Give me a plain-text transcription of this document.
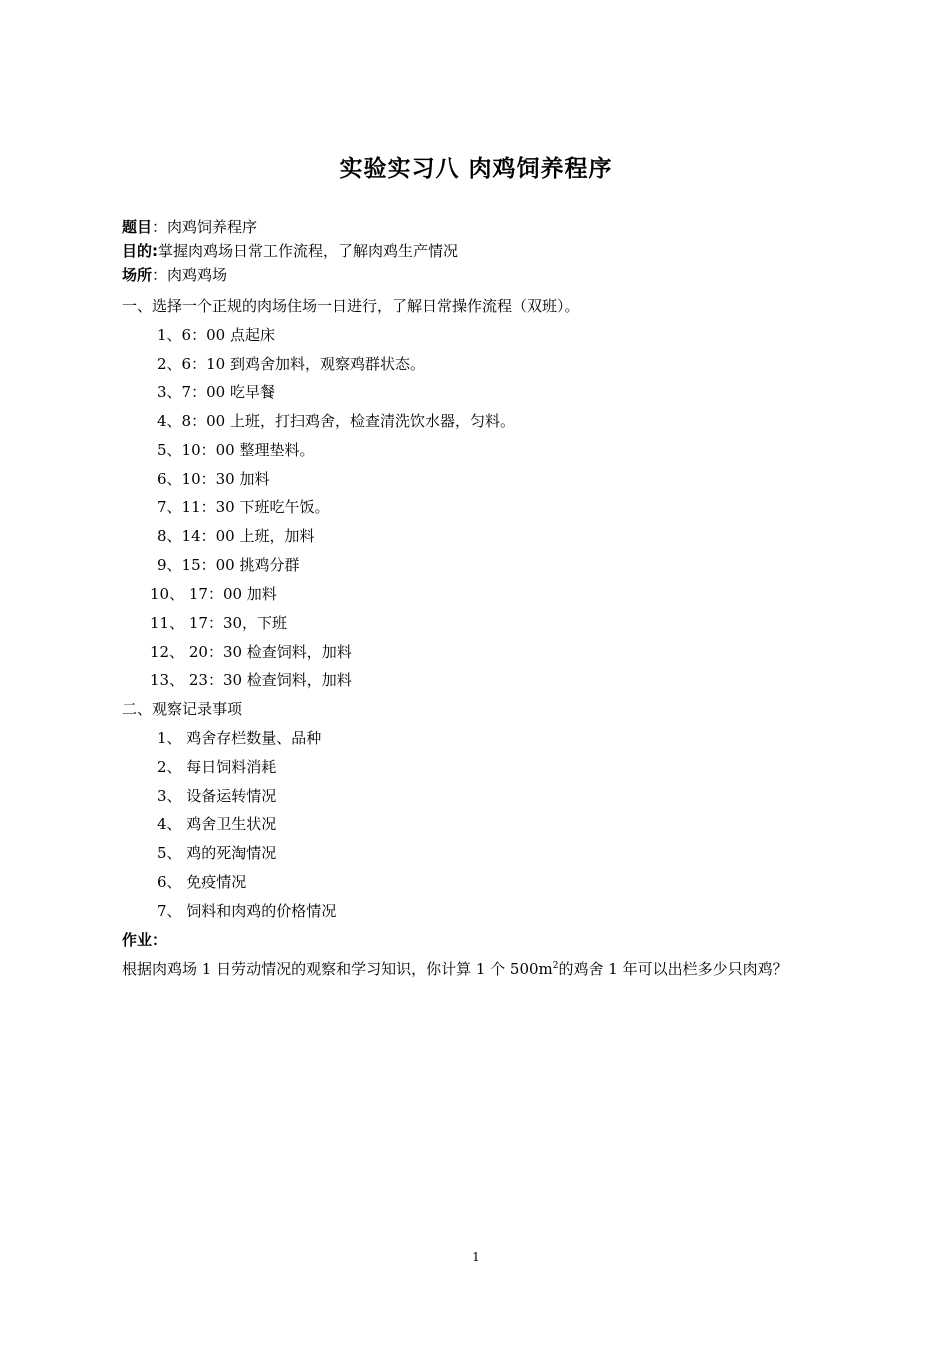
实验实习八 肉鸡饲养程序
题目：肉鸡饲养程序
目的:掌握肉鸡场日常工作流程，了解肉鸡生产情况
场所：肉鸡鸡场
一、选择一个正规的肉场住场一日进行，了解日常操作流程（双班）。
1、6：00 点起床
2、6：10 到鸡舍加料，观察鸡群状态。
3、7：00 吃早餐
4、8：00 上班，打扫鸡舍，检查清洗饮水器，匀料。
5、10：00 整理垫料。
6、10：30 加料
7、11：30 下班吃午饭。
8、14：00 上班，加料
9、15：00 挑鸡分群
10、 17：00 加料
11、 17：30，下班
12、 20：30 检查饲料，加料
13、 23：30 检查饲料，加料
二、观察记录事项
1、 鸡舍存栏数量、品种
2、 每日饲料消耗
3、 设备运转情况
4、 鸡舍卫生状况
5、 鸡的死淘情况
6、 免疫情况
7、 饲料和肉鸡的价格情况
作业：
根据肉鸡场 1 日劳动情况的观察和学习知识，你计算 1 个 $500m^2$的鸡舍 1 年可以出栏多少只肉鸡？
1
